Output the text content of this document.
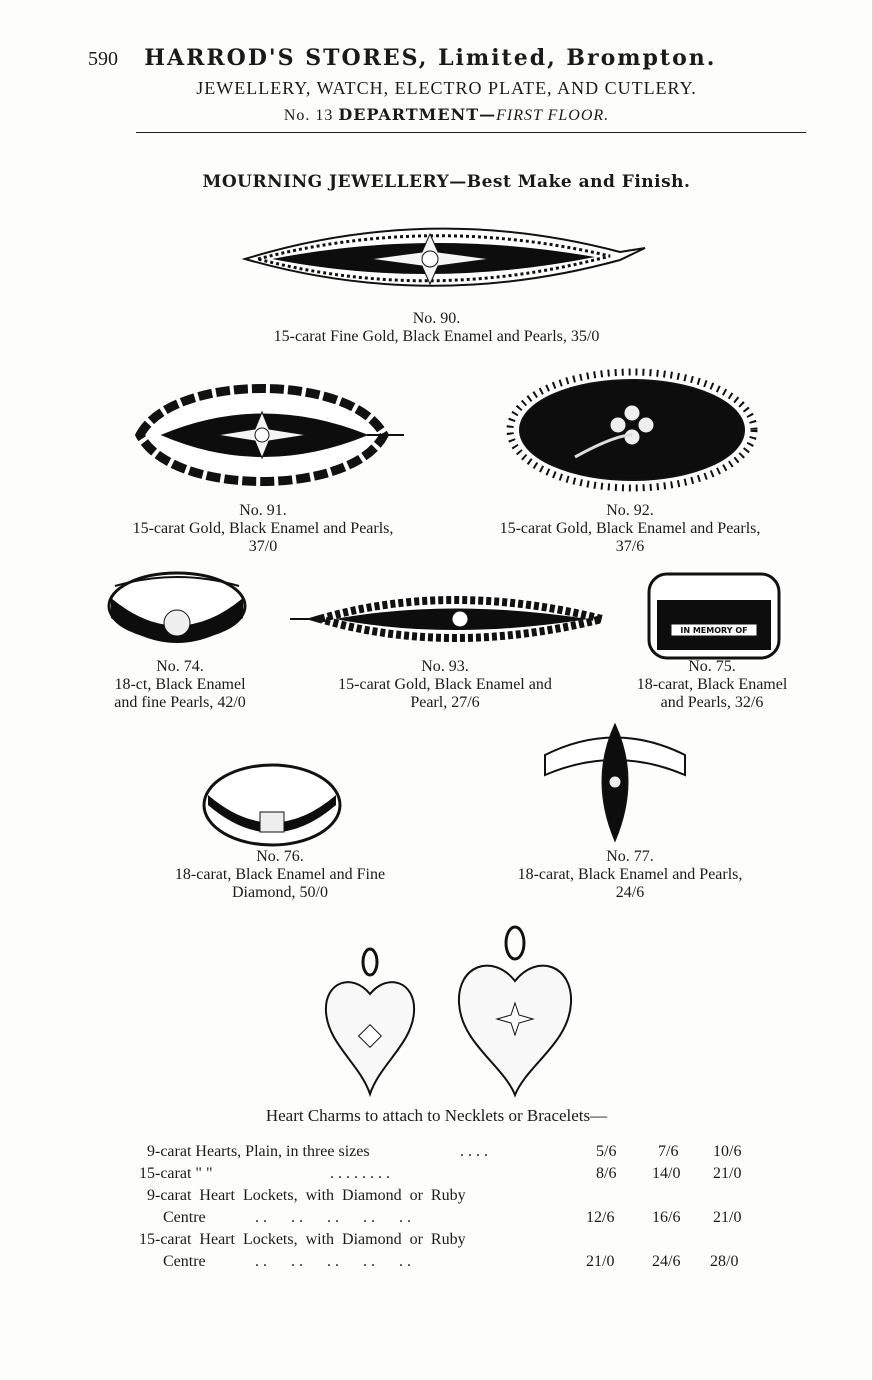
590 HARROD'S STORES, Limited, Brompton.
JEWELLERY, WATCH, ELECTRO PLATE, AND CUTLERY.
No. 13 DEPARTMENT—FIRST FLOOR.
MOURNING JEWELLERY—Best Make and Finish.
No. 90.
15-carat Fine Gold, Black Enamel and Pearls, 35/0
No. 91.
15-carat Gold, Black Enamel and Pearls,
37/0
No. 92.
15-carat Gold, Black Enamel and Pearls,
37/6
No. 74.
18-ct, Black Enamel
and fine Pearls, 42/0
No. 93.
15-carat Gold, Black Enamel and
Pearl, 27/6
IN MEMORY OF
No. 75.
18-carat, Black Enamel
and Pearls, 32/6
No. 76.
18-carat, Black Enamel and Fine
Diamond, 50/0
No. 77.
18-carat, Black Enamel and Pearls,
24/6
Heart Charms to attach to Necklets or Bracelets—
9-carat Hearts, Plain, in three sizes	. . . .	5/6	7/6	10/6
15-carat " "	. . . . . . . .	8/6	14/0	21/0
9-carat  Heart  Lockets,  with  Diamond  or  Ruby
Centre	. .      . .      . .      . .      . .	12/6	16/6	21/0
15-carat  Heart  Lockets,  with  Diamond  or  Ruby
Centre	. .      . .      . .      . .      . .	21/0	24/6	28/0
